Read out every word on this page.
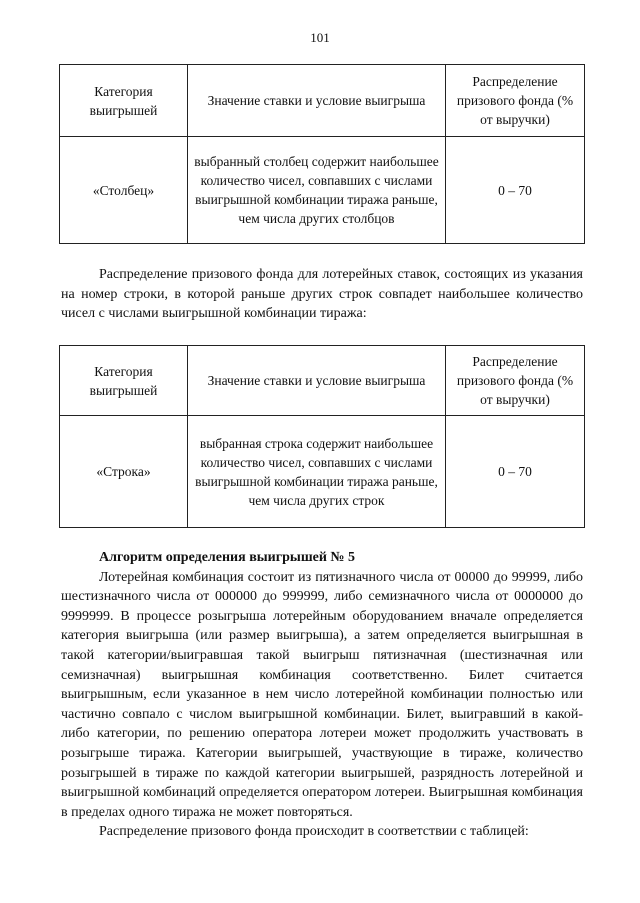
101
Категория выигрышей	Значение ставки и условие выигрыша	Распределение призового фонда (% от выручки)
«Столбец»	выбранный столбец содержит наибольшее количество чисел, совпавших с числами выигрышной комбинации тиража раньше, чем числа других столбцов	0 – 70

Распределение призового фонда для лотерейных ставок, состоящих из указания на номер строки, в которой раньше других строк совпадет наибольшее количество чисел с числами выигрышной комбинации тиража:

Категория выигрышей	Значение ставки и условие выигрыша	Распределение призового фонда (% от выручки)
«Строка»	выбранная строка содержит наибольшее количество чисел, совпавших с числами выигрышной комбинации тиража раньше, чем числа других строк	0 – 70
Алгоритм определения выигрышей № 5

Лотерейная комбинация состоит из пятизначного числа от 00000 до 99999, либо шестизначного числа от 000000 до 999999, либо семизначного числа от 0000000 до 9999999. В процессе розыгрыша лотерейным оборудованием вначале определяется категория выигрыша (или размер выигрыша), а затем определяется выигрышная в такой категории/выигравшая такой выигрыш пятизначная (шестизначная или семизначная) выигрышная комбинация соответственно. Билет считается выигрышным, если указанное в нем число лотерейной комбинации полностью или частично совпало с числом выигрышной комбинации. Билет, выигравший в какой-либо категории, по решению оператора лотереи может продолжить участвовать в розыгрыше тиража. Категории выигрышей, участвующие в тираже, количество розыгрышей в тираже по каждой категории выигрышей, разрядность лотерейной и выигрышной комбинаций определяется оператором лотереи. Выигрышная комбинация в пределах одного тиража не может повторяться.

Распределение призового фонда происходит в соответствии с таблицей:
